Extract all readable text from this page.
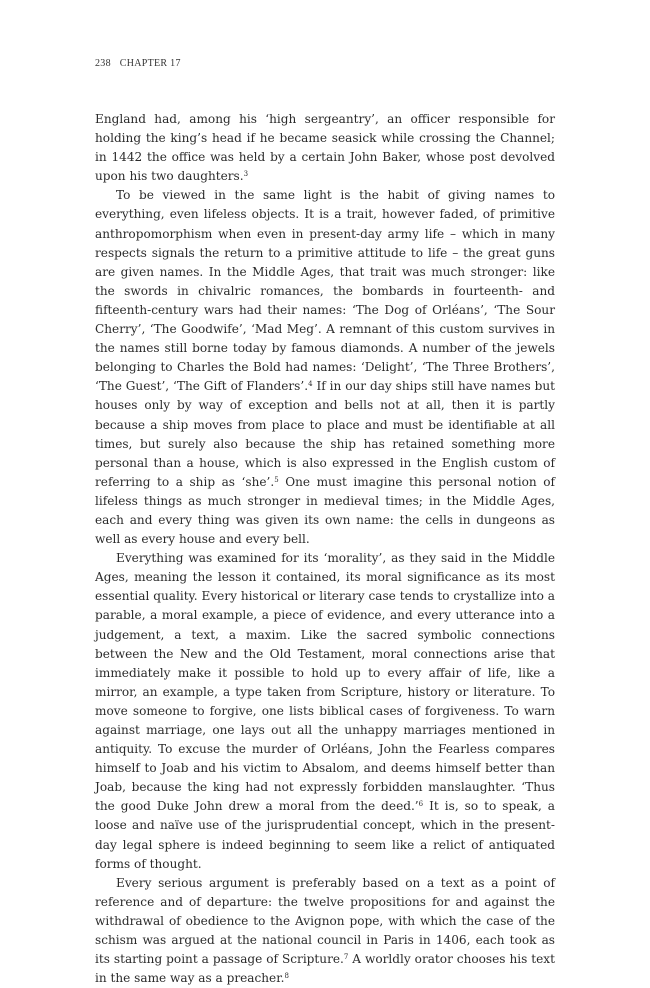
238 CHAPTER 17

England had, among his ‘high sergeantry’, an officer responsible for holding the king’s head if he became seasick while crossing the Channel; in 1442 the office was held by a certain John Baker, whose post devolved upon his two daughters.$^3$

To be viewed in the same light is the habit of giving names to everything, even lifeless objects. It is a trait, however faded, of primitive anthropomorphism when even in present-day army life – which in many respects signals the return to a primitive attitude to life – the great guns are given names. In the Middle Ages, that trait was much stronger: like the swords in chivalric romances, the bombards in fourteenth- and fifteenth-century wars had their names: ‘The Dog of Orléans’, ‘The Sour Cherry’, ‘The Goodwife’, ‘Mad Meg’. A remnant of this custom survives in the names still borne today by famous diamonds. A number of the jewels belonging to Charles the Bold had names: ‘Delight’, ‘The Three Brothers’, ‘The Guest’, ‘The Gift of Flanders’.$^4$ If in our day ships still have names but houses only by way of exception and bells not at all, then it is partly because a ship moves from place to place and must be identifiable at all times, but surely also because the ship has retained something more personal than a house, which is also expressed in the English custom of referring to a ship as ‘she’.$^5$ One must imagine this personal notion of lifeless things as much stronger in medieval times; in the Middle Ages, each and every thing was given its own name: the cells in dungeons as well as every house and every bell.

Everything was examined for its ‘morality’, as they said in the Middle Ages, meaning the lesson it contained, its moral significance as its most essential quality. Every historical or literary case tends to crystallize into a parable, a moral example, a piece of evidence, and every utterance into a judgement, a text, a maxim. Like the sacred symbolic connections between the New and the Old Testament, moral connections arise that immediately make it possible to hold up to every affair of life, like a mirror, an example, a type taken from Scripture, history or literature. To move someone to forgive, one lists biblical cases of forgiveness. To warn against marriage, one lays out all the unhappy marriages mentioned in antiquity. To excuse the murder of Orléans, John the Fearless compares himself to Joab and his victim to Absalom, and deems himself better than Joab, because the king had not expressly forbidden manslaughter. ‘Thus the good Duke John drew a moral from the deed.’$^6$ It is, so to speak, a loose and naïve use of the jurisprudential concept, which in the present-day legal sphere is indeed beginning to seem like a relict of antiquated forms of thought.

Every serious argument is preferably based on a text as a point of reference and of departure: the twelve propositions for and against the withdrawal of obedience to the Avignon pope, with which the case of the schism was argued at the national council in Paris in 1406, each took as its starting point a passage of Scripture.$^7$ A worldly orator chooses his text in the same way as a preacher.$^8$
